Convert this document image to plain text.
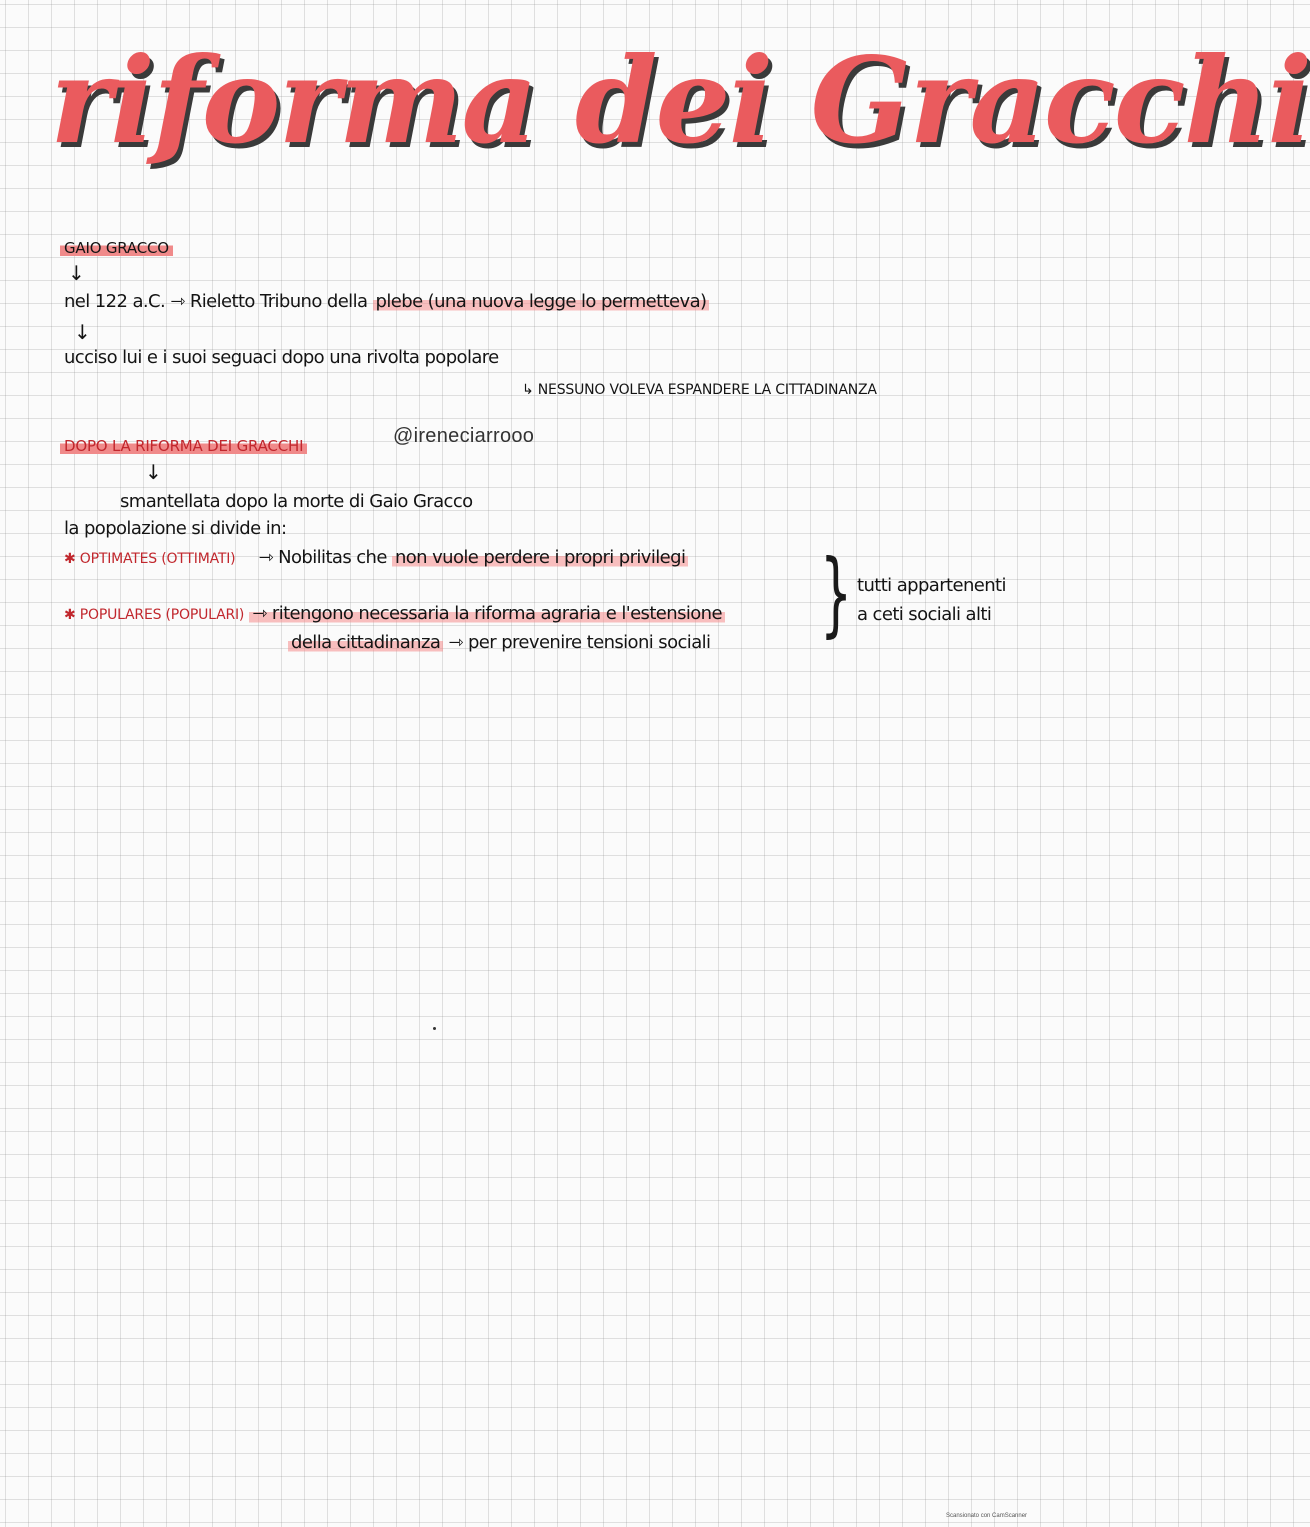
riforma dei Gracchi
GAIO GRACCO
↓
nel 122 a.C. ⇾ Rieletto Tribuno della plebe (una nuova legge lo permetteva)
↓
ucciso lui e i suoi seguaci dopo una rivolta popolare
↳ NESSUNO VOLEVA ESPANDERE LA CITTADINANZA
@ireneciarrooo
DOPO LA RIFORMA DEI GRACCHI
↓
smantellata dopo la morte di Gaio Gracco
la popolazione si divide in:
✱ OPTIMATES (OTTIMATI) ⇾ Nobilitas che non vuole perdere i propri privilegi
✱ POPULARES (POPULARI) ⇾ ritengono necessaria la riforma agraria e l'estensione
della cittadinanza ⇾ per prevenire tensioni sociali } tutti appartenenti
a ceti sociali alti
Scansionato con CamScanner
